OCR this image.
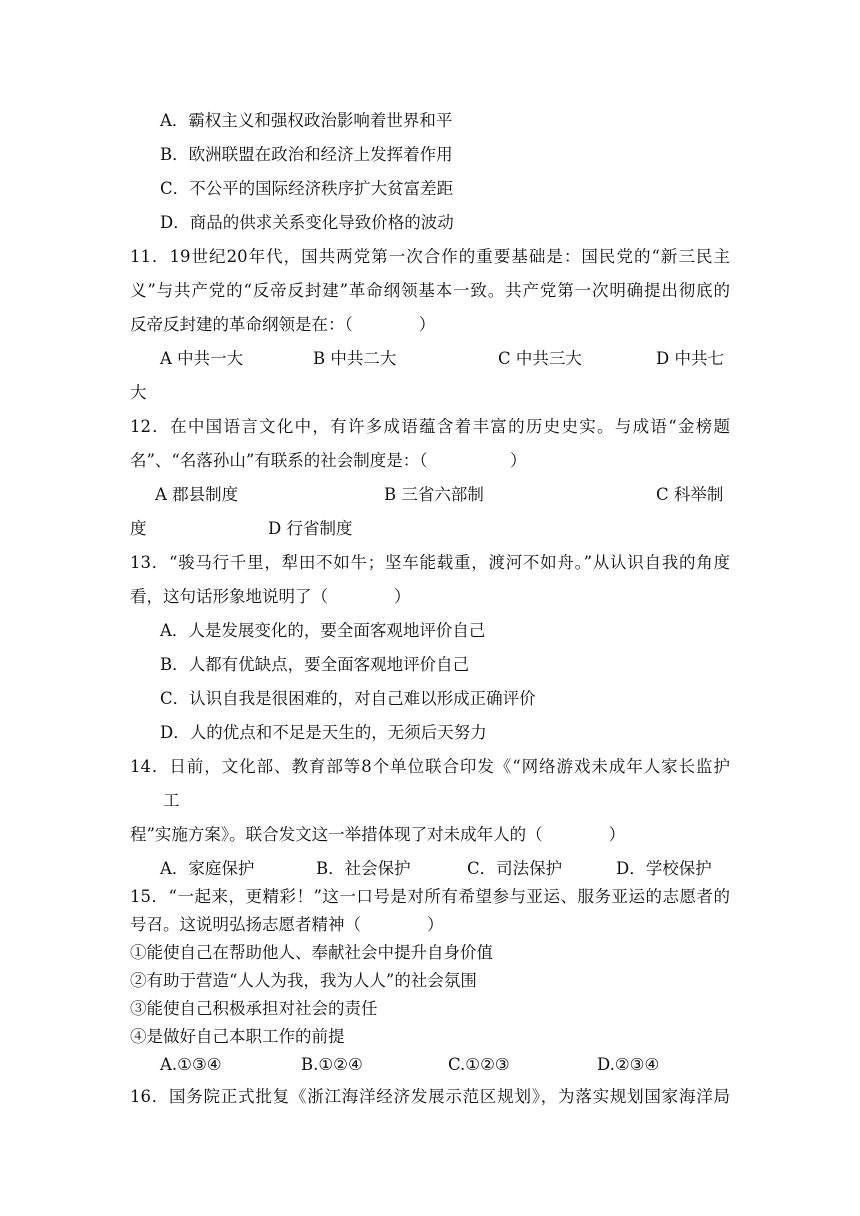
A．霸权主义和强权政治影响着世界和平
B．欧洲联盟在政治和经济上发挥着作用
C．不公平的国际经济秩序扩大贫富差距
D．商品的供求关系变化导致价格的波动
11．19世纪20年代，国共两党第一次合作的重要基础是：国民党的“新三民主
义”与共产党的“反帝反封建”革命纲领基本一致。共产党第一次明确提出彻底的
反帝反封建的革命纲领是在：（　　　　）
A 中共一大	B 中共二大	C 中共三大	D 中共七
大
12．在中国语言文化中，有许多成语蕴含着丰富的历史史实。与成语“金榜题
名”、“名落孙山”有联系的社会制度是：（　　　　　）
A 郡县制度	B 三省六部制	C 科举制
度	D 行省制度
13．“骏马行千里，犁田不如牛；坚车能载重，渡河不如舟。”从认识自我的角度
看，这句话形象地说明了（　　　　）
A．人是发展变化的，要全面客观地评价自己
B．人都有优缺点，要全面客观地评价自己
C．认识自我是很困难的，对自己难以形成正确评价
D．人的优点和不足是天生的，无须后天努力
14．日前，文化部、教育部等8个单位联合印发《“网络游戏未成年人家长监护
工
程”实施方案》。联合发文这一举措体现了对未成年人的（　　　　）
A．家庭保护	B．社会保护	C．司法保护	D．学校保护
15．“一起来，更精彩！”这一口号是对所有希望参与亚运、服务亚运的志愿者的
号召。这说明弘扬志愿者精神（　　　　）
①能使自己在帮助他人、奉献社会中提升自身价值
②有助于营造“人人为我，我为人人”的社会氛围
③能使自己积极承担对社会的责任
④是做好自己本职工作的前提
A.①③④	B.①②④	C.①②③	D.②③④
16．国务院正式批复《浙江海洋经济发展示范区规划》，为落实规划国家海洋局
